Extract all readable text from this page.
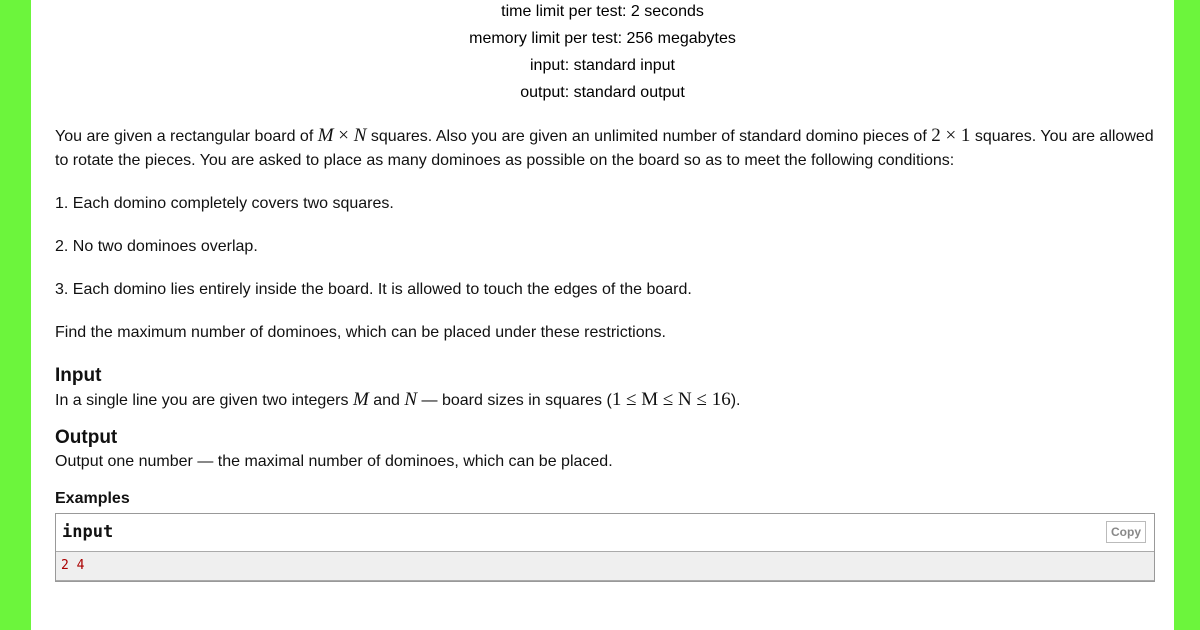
time limit per test: 2 seconds
memory limit per test: 256 megabytes
input: standard input
output: standard output

You are given a rectangular board of M × N squares. Also you are given an unlimited number of standard domino pieces of 2 × 1 squares. You are allowed to rotate the pieces. You are asked to place as many dominoes as possible on the board so as to meet the following conditions:

1. Each domino completely covers two squares.

2. No two dominoes overlap.

3. Each domino lies entirely inside the board. It is allowed to touch the edges of the board.

Find the maximum number of dominoes, which can be placed under these restrictions.

Input
In a single line you are given two integers M and N — board sizes in squares (1 ≤ M ≤ N ≤ 16).
Output
Output one number — the maximal number of dominoes, which can be placed.
Examples
input	Copy
2 4
